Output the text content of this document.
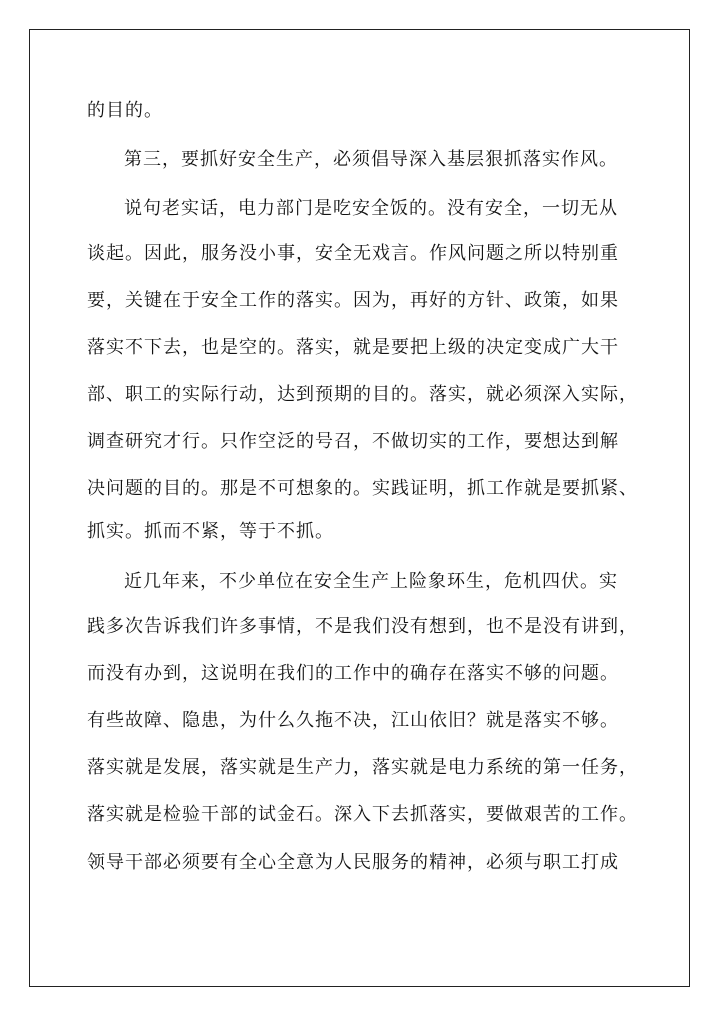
的目的。
第三，要抓好安全生产，必须倡导深入基层狠抓落实作风。
说句老实话，电力部门是吃安全饭的。没有安全，一切无从
谈起。因此，服务没小事，安全无戏言。作风问题之所以特别重
要，关键在于安全工作的落实。因为，再好的方针、政策，如果
落实不下去，也是空的。落实，就是要把上级的决定变成广大干
部、职工的实际行动，达到预期的目的。落实，就必须深入实际，
调查研究才行。只作空泛的号召，不做切实的工作，要想达到解
决问题的目的。那是不可想象的。实践证明，抓工作就是要抓紧、
抓实。抓而不紧，等于不抓。
近几年来，不少单位在安全生产上险象环生，危机四伏。实
践多次告诉我们许多事情，不是我们没有想到，也不是没有讲到，
而没有办到，这说明在我们的工作中的确存在落实不够的问题。
有些故障、隐患，为什么久拖不决，江山依旧？就是落实不够。
落实就是发展，落实就是生产力，落实就是电力系统的第一任务，
落实就是检验干部的试金石。深入下去抓落实，要做艰苦的工作。
领导干部必须要有全心全意为人民服务的精神，必须与职工打成
